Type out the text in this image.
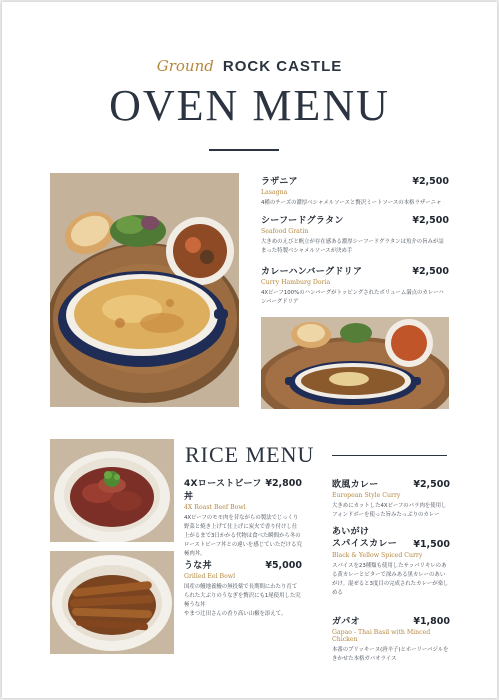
Ground ROCK CASTLE
OVEN MENU
ラザニア	¥2,500
Lasagna
4種のチーズの濃厚ベシャメルソースと贅沢ミートソースの本格ラザーニャ
シーフードグラタン	¥2,500
Seafood Gratin
大きめのえびと帆立が存在感ある濃厚シーフードグラタンは魚介の旨みが詰まった特製ベシャメルソースが決め手
カレーハンバーグドリア	¥2,500
Curry Hamburg Doria
4Xビーフ100%のハンバーグがトッピングされたボリューム満点のカレーハンバーグドリア
RICE MENU
4Xローストビーフ丼
¥2,800
4X Roast Beef Bowl
4Xビーフのモモ肉を昔ながらの製法でじっくり野菜と焼き上げて仕上げに炭火で香り付けし仕上がるまで3日かかる代物は食べた瞬間から冬のローストビーフ丼との違いを感じていただける究極肉丼。
うな丼	¥5,000
Grilled Eel Bowl
国産の鰻地養鰻の無投薬で長期間にわたり育てられた大ぶりのうなぎを贅沢にも1尾使用した究極うな丼
やまつ辻田さんの香り高い山椒を添えて。
欧風カレー	¥2,500
European Style Curry
大きめにカットした4Xビーフのバラ肉を使用しフォンドボーを使った旨みたっぷりのカレー
あいがけ
スパイスカレー ¥1,500
Black & Yellow Spiced Curry
スパイスを23種類も使用したサッパリキレのある黄カレーとビターで深みある黒カレーのあいがけ。混ぜると3度目の完成されたカレーが楽しめる
ガパオ	¥1,800
Gapao - Thai Basil with Minced Chicken
本番のプリッキーヌ(唐辛子)とホーリーバジルをきかせた本格ガパオライス
